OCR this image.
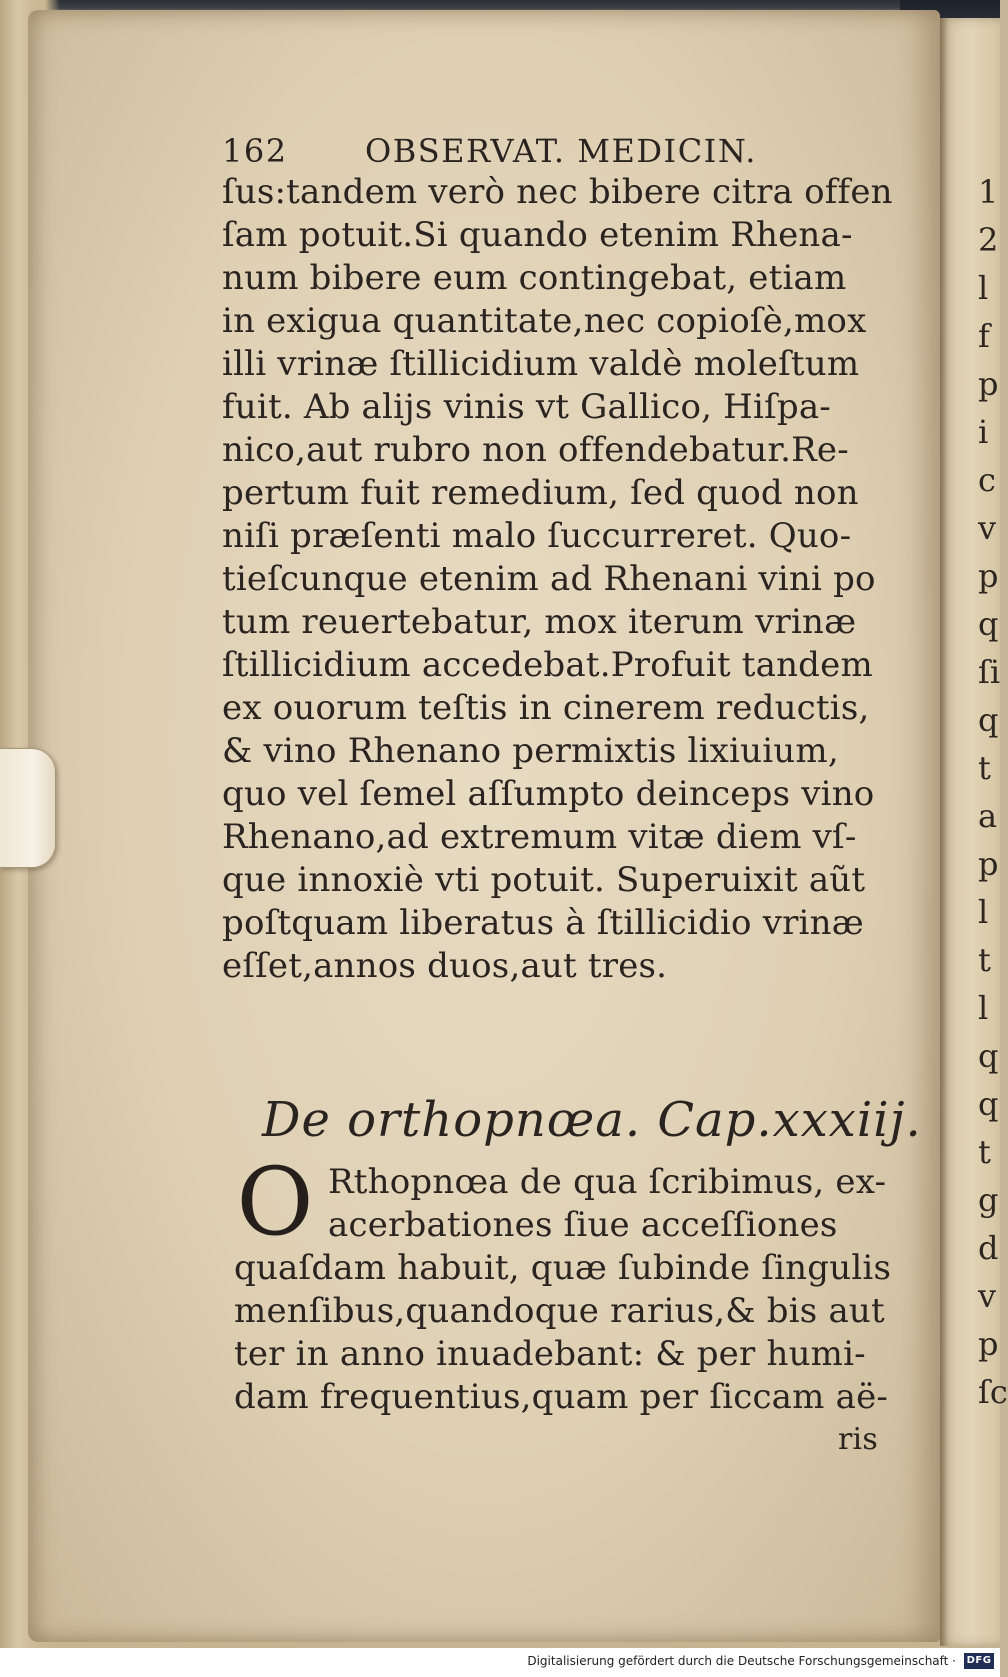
162 OBSERVAT. MEDICIN.
ſus:tandem verò nec bibere citra offen
ſam potuit.Si quando etenim Rhena-
num bibere eum contingebat, etiam
in exigua quantitate,nec copioſè,mox
illi vrinæ ſtillicidium valdè moleſtum
fuit. Ab alijs vinis vt Gallico, Hiſpa-
nico,aut rubro non offendebatur.Re-
pertum fuit remedium, ſed quod non
niſi præſenti malo ſuccurreret. Quo-
tieſcunque etenim ad Rhenani vini po
tum reuertebatur, mox iterum vrinæ
ſtillicidium accedebat.Profuit tandem
ex ouorum teſtis in cinerem reductis,
& vino Rhenano permixtis lixiuium,
quo vel ſemel aſſumpto deinceps vino
Rhenano,ad extremum vitæ diem vſ-
que innoxiè vti potuit. Superuixit aũt
poſtquam liberatus à ſtillicidio vrinæ
eſſet,annos duos,aut tres.
De orthopnœa. Cap.xxxiij.
O Rthopnœa de qua ſcribimus, ex-
acerbationes ſiue acceſſiones
quaſdam habuit, quæ ſubinde ſingulis
menſibus,quandoque rarius,& bis aut
ter in anno inuadebant: & per humi-
dam frequentius,quam per ſiccam aë-
ris
1
2
l
f
p
i
c
v
p
q
ſi
q
t
a
p
l
t
l
q
q
t
g
d
v
p
ſc
Digitalisierung gefördert durch die Deutsche Forschungsgemeinschaft · DFG
